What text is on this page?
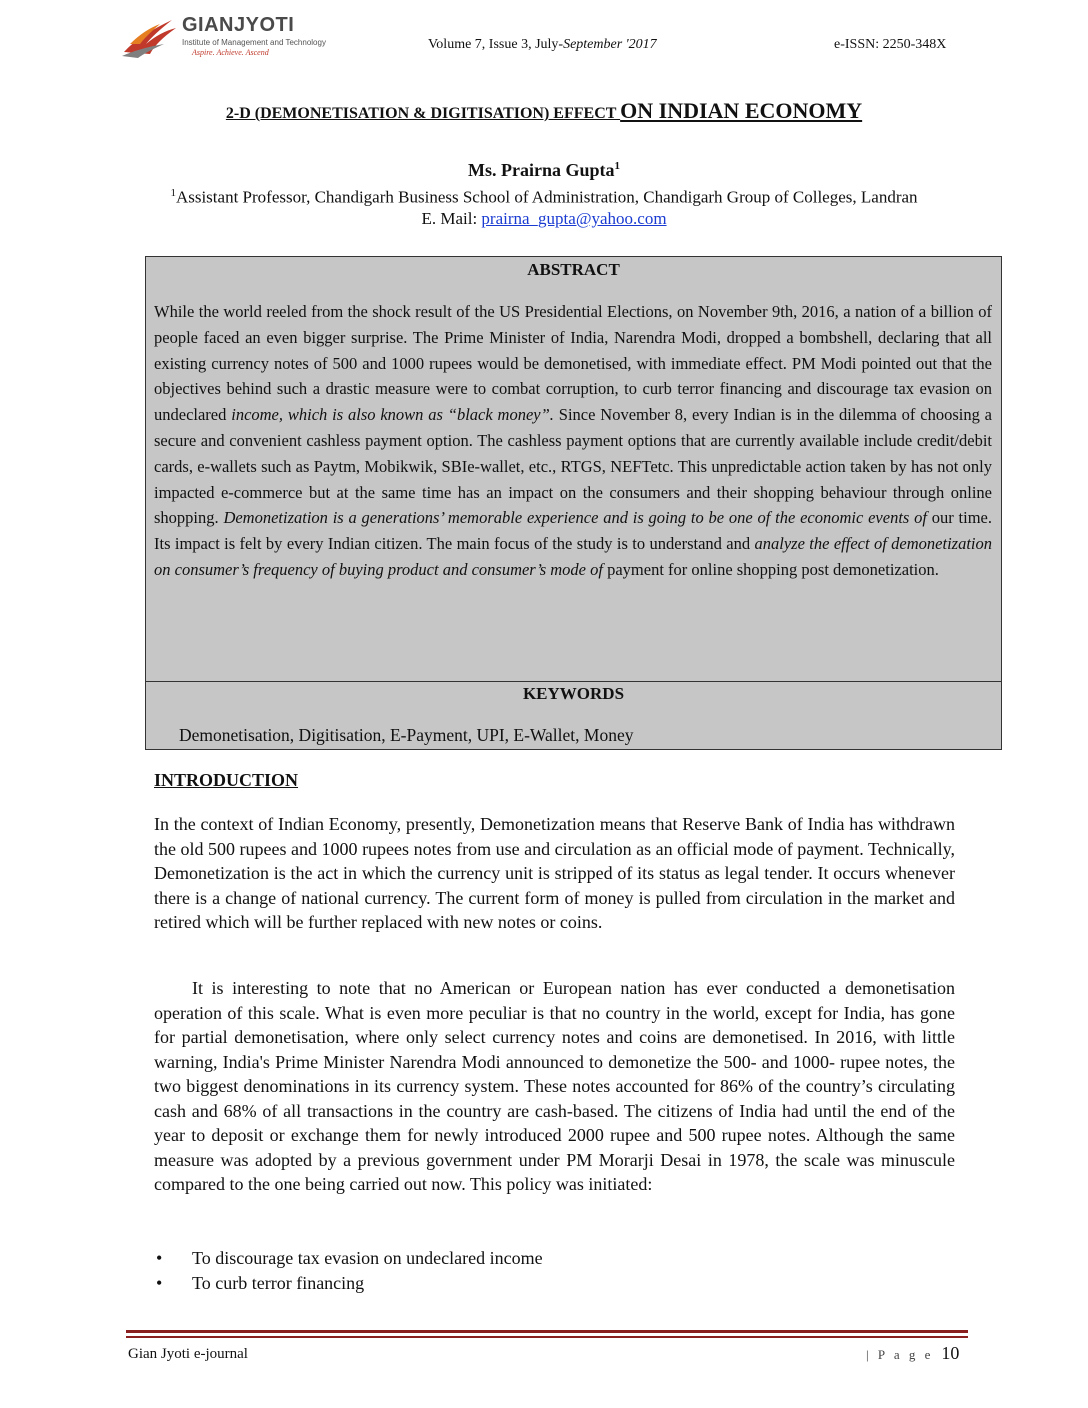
GIANJYOTI
Institute of Management and Technology
Aspire. Achieve. Ascend
Volume 7, Issue 3, July-September '2017	e-ISSN: 2250-348X
2-D (DEMONETISATION & DIGITISATION) EFFECT ON INDIAN ECONOMY
Ms. Prairna Gupta$^1$
$^1$Assistant Professor, Chandigarh Business School of Administration, Chandigarh Group of Colleges, Landran
E. Mail: prairna_gupta@yahoo.com
ABSTRACT
While the world reeled from the shock result of the US Presidential Elections, on November 9th, 2016, a nation of a billion of people faced an even bigger surprise. The Prime Minister of India, Narendra Modi, dropped a bombshell, declaring that all existing currency notes of 500 and 1000 rupees would be demonetised, with immediate effect. PM Modi pointed out that the objectives behind such a drastic measure were to combat corruption, to curb terror financing and discourage tax evasion on undeclared income, which is also known as “black money”. Since November 8, every Indian is in the dilemma of choosing a secure and convenient cashless payment option. The cashless payment options that are currently available include credit/debit cards, e-wallets such as Paytm, Mobikwik, SBIe-wallet, etc., RTGS, NEFTetc. This unpredictable action taken by has not only impacted e-commerce but at the same time has an impact on the consumers and their shopping behaviour through online shopping. Demonetization is a generations’ memorable experience and is going to be one of the economic events of our time. Its impact is felt by every Indian citizen. The main focus of the study is to understand and analyze the effect of demonetization on consumer’s frequency of buying product and consumer’s mode of payment for online shopping post demonetization.
KEYWORDS
Demonetisation, Digitisation, E-Payment, UPI, E-Wallet, Money
INTRODUCTION
In the context of Indian Economy, presently, Demonetization means that Reserve Bank of India has withdrawn the old 500 rupees and 1000 rupees notes from use and circulation as an official mode of payment. Technically, Demonetization is the act in which the currency unit is stripped of its status as legal tender. It occurs whenever there is a change of national currency. The current form of money is pulled from circulation in the market and retired which will be further replaced with new notes or coins.
It is interesting to note that no American or European nation has ever conducted a demonetisation operation of this scale. What is even more peculiar is that no country in the world, except for India, has gone for partial demonetisation, where only select currency notes and coins are demonetised. In 2016, with little warning, India's Prime Minister Narendra Modi announced to demonetize the 500- and 1000- rupee notes, the two biggest denominations in its currency system. These notes accounted for 86% of the country’s circulating cash and 68% of all transactions in the country are cash-based. The citizens of India had until the end of the year to deposit or exchange them for newly introduced 2000 rupee and 500 rupee notes. Although the same measure was adopted by a previous government under PM Morarji Desai in 1978, the scale was minuscule compared to the one being carried out now. This policy was initiated:
• To discourage tax evasion on undeclared income
• To curb terror financing
Gian Jyoti e-journal	| P a g e 10
